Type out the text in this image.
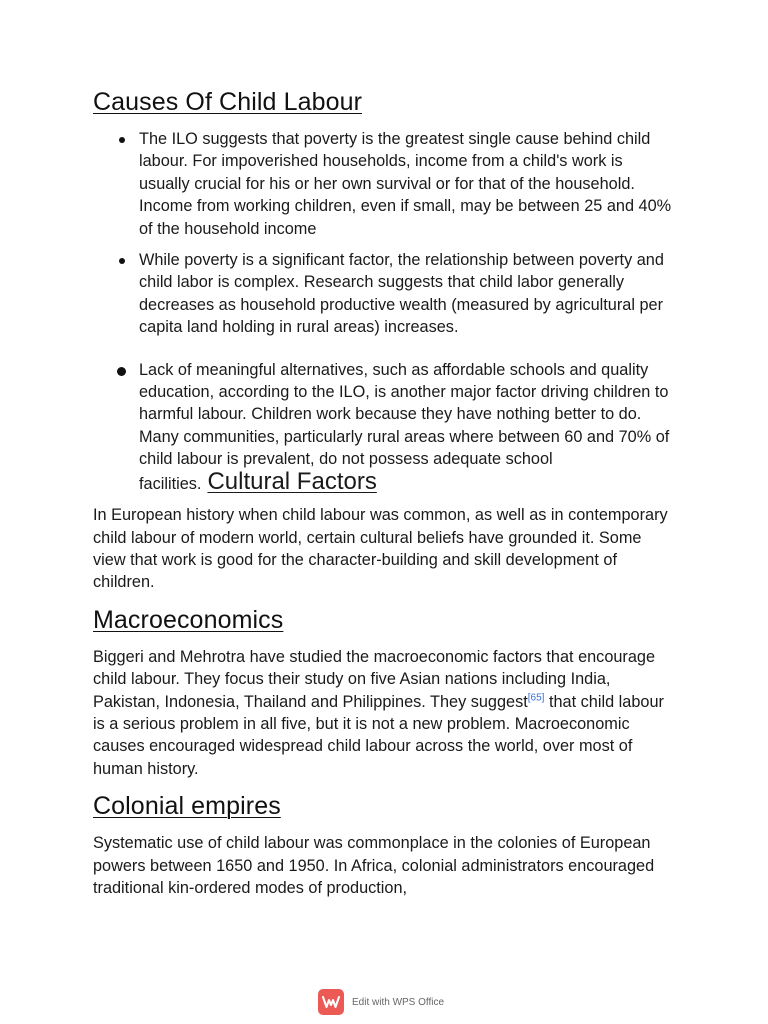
Causes Of Child Labour
The ILO suggests that poverty is the greatest single cause behind child labour. For impoverished households, income from a child's work is usually crucial for his or her own survival or for that of the household. Income from working children, even if small, may be between 25 and 40% of the household income
While poverty is a significant factor, the relationship between poverty and child labor is complex. Research suggests that child labor generally decreases as household productive wealth (measured by agricultural per capita land holding in rural areas) increases.
Lack of meaningful alternatives, such as affordable schools and quality education, according to the ILO, is another major factor driving children to harmful labour. Children work because they have nothing better to do. Many communities, particularly rural areas where between 60 and 70% of child labour is prevalent, do not possess adequate school facilities. Cultural Factors

In European history when child labour was common, as well as in contemporary child labour of modern world, certain cultural beliefs have grounded it. Some view that work is good for the character-building and skill development of children.

Macroeconomics

Biggeri and Mehrotra have studied the macroeconomic factors that encourage child labour. They focus their study on five Asian nations including India, Pakistan, Indonesia, Thailand and Philippines. They suggest[65] that child labour is a serious problem in all five, but it is not a new problem. Macroeconomic causes encouraged widespread child labour across the world, over most of human history.

Colonial empires

Systematic use of child labour was commonplace in the colonies of European powers between 1650 and 1950. In Africa, colonial administrators encouraged traditional kin-ordered modes of production,

Edit with WPS Office
